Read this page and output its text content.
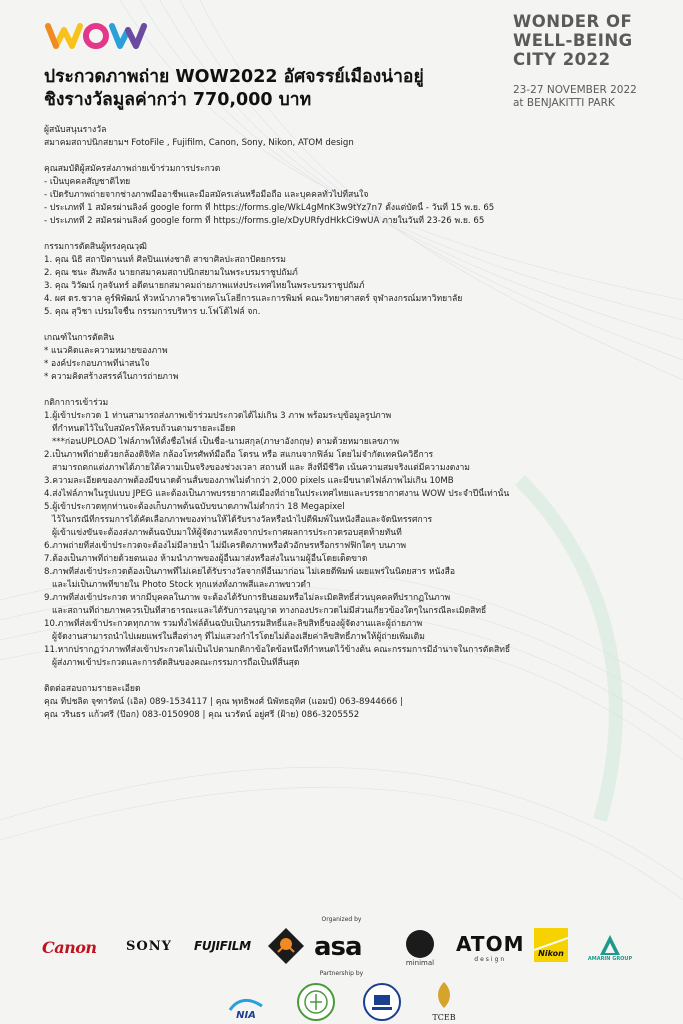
WONDER OF
WELL-BEING
CITY 2022
23-27 NOVEMBER 2022
at BENJAKITTI PARK
ประกวดภาพถ่าย WOW2022 อัศจรรย์เมืองน่าอยู่
ชิงรางวัลมูลค่ากว่า 770,000 บาท
ผู้สนับสนุนรางวัล
สมาคมสถาปนิกสยามฯ FotoFile , Fujifilm, Canon, Sony, Nikon, ATOM design
คุณสมบัติผู้สมัครส่งภาพถ่ายเข้าร่วมการประกวด
- เป็นบุคคลสัญชาติไทย
- เปิดรับภาพถ่ายจากช่างภาพมืออาชีพและมือสมัครเล่นหรือมือถือ และบุคคลทั่วไปที่สนใจ
- ประเภทที่ 1 สมัครผ่านลิงค์ google form ที่ https://forms.gle/WkL4gMnK3w9tYz7n7 ตั้งแต่บัดนี้ - วันที่ 15 พ.ย. 65
- ประเภทที่ 2 สมัครผ่านลิงค์ google form ที่ https://forms.gle/xDyURfydHkkCi9wUA ภายในวันที่ 23-26 พ.ย. 65
กรรมการตัดสินผู้ทรงคุณวุฒิ
1. คุณ นิธิ สถาปิตานนท์ ศิลปินแห่งชาติ สาขาศิลปะสถาปัตยกรรม
2. คุณ ชนะ สัมพลัง นายกสมาคมสถาปนิกสยามในพระบรมราชูปถัมภ์
3. คุณ วิวัฒน์ กุลจันทร์ อดีตนายกสมาคมถ่ายภาพแห่งประเทศไทยในพระบรมราชูปถัมภ์
4. ผศ ดร.ชวาล คูร์พิพัฒน์ หัวหน้าภาควิชาเทคโนโลยีการและการพิมพ์ คณะวิทยาศาสตร์ จุฬาลงกรณ์มหาวิทยาลัย
5. คุณ สุวิชา เปรมใจชื่น กรรมการบริหาร บ.โฟโต้ไฟล์ จก.
เกณฑ์ในการตัดสิน
* แนวคิดและความหมายของภาพ
* องค์ประกอบภาพที่น่าสนใจ
* ความคิดสร้างสรรค์ในการถ่ายภาพ
กติกาการเข้าร่วม
1.ผู้เข้าประกวด 1 ท่านสามารถส่งภาพเข้าร่วมประกวดได้ไม่เกิน 3 ภาพ พร้อมระบุข้อมูลรูปภาพ
ที่กำหนดไว้ในใบสมัครให้ครบถ้วนตามรายละเอียด
***ก่อนUPLOAD ไฟล์ภาพให้ตั้งชื่อไฟล์ เป็นชื่อ-นามสกุล(ภาษาอังกฤษ) ตามด้วยหมายเลขภาพ
2.เป็นภาพที่ถ่ายด้วยกล้องดิจิทัล กล้องโทรศัพท์มือถือ โดรน หรือ สแกนจากฟิล์ม โดยไม่จำกัดเทคนิควิธีการ
สามารถตกแต่งภาพได้ภายใต้ความเป็นจริงของช่วงเวลา สถานที่ และ สิ่งที่มีชีวิต เน้นความสมจริงแต่มีความงดงาม
3.ความละเอียดของภาพต้องมีขนาดด้านสั้นของภาพไม่ต่ำกว่า 2,000 pixels และมีขนาดไฟล์ภาพไม่เกิน 10MB
4.ส่งไฟล์ภาพในรูปแบบ JPEG และต้องเป็นภาพบรรยากาศเมืองที่ถ่ายในประเทศไทยและบรรยากาศงาน WOW ประจำปีนี้เท่านั้น
5.ผู้เข้าประกวดทุกท่านจะต้องเก็บภาพต้นฉบับขนาดภาพไม่ต่ำกว่า 18 Megapixel
ไว้ในกรณีที่กรรมการได้คัดเลือกภาพของท่านให้ได้รับรางวัลหรือนำไปตีพิมพ์ในหนังสือและจัดนิทรรศการ
ผู้เข้าแข่งขันจะต้องส่งภาพต้นฉบับมาให้ผู้จัดงานหลังจากประกาศผลการประกวดรอบสุดท้ายทันที
6.ภาพถ่ายที่ส่งเข้าประกวดจะต้องไม่มีลายน้ำ ไม่มีเครดิตภาพหรือตัวอักษรหรือกราฟฟิกใดๆ บนภาพ
7.ต้องเป็นภาพที่ถ่ายด้วยตนเอง ห้ามนำภาพของผู้อื่นมาส่งหรือส่งในนามผู้อื่นโดยเด็ดขาด
8.ภาพที่ส่งเข้าประกวดต้องเป็นภาพที่ไม่เคยได้รับรางวัลจากที่อื่นมาก่อน ไม่เคยตีพิมพ์ เผยแพร่ในนิตยสาร หนังสือ
และไม่เป็นภาพที่ขายใน Photo Stock ทุกแห่งทั้งภาพสีและภาพขาวดำ
9.ภาพที่ส่งเข้าประกวด หากมีบุคคลในภาพ จะต้องได้รับการยินยอมหรือไม่ละเมิดสิทธิ์ส่วนบุคคลที่ปรากฏในภาพ
และสถานที่ถ่ายภาพควรเป็นที่สาธารณะและได้รับการอนุญาต ทางกองประกวดไม่มีส่วนเกี่ยวข้องใดๆในกรณีละเมิดสิทธิ์
10.ภาพที่ส่งเข้าประกวดทุกภาพ รวมทั้งไฟล์ต้นฉบับเป็นกรรมสิทธิ์และลิขสิทธิ์ของผู้จัดงานและผู้ถ่ายภาพ
ผู้จัดงานสามารถนำไปเผยแพร่ในสื่อต่างๆ ที่ไม่แสวงกำไรโดยไม่ต้องเสียค่าลิขสิทธิ์ภาพให้ผู้ถ่ายเพิ่มเติม
11.หากปรากฏว่าภาพที่ส่งเข้าประกวดไม่เป็นไปตามกติกาข้อใดข้อหนึ่งที่กำหนดไว้ข้างต้น คณะกรรมการมีอำนาจในการตัดสิทธิ์
ผู้ส่งภาพเข้าประกวดและการตัดสินของคณะกรรมการถือเป็นที่สิ้นสุด
ติดต่อสอบถามรายละเอียด
คุณ ทีปชลิต จุฑารัตน์ (เอิล) 089-1534117 | คุณ พุทธิพงศ์ นิพัทธอุทิศ (แอมป์) 063-8944666 |
คุณ วรินธร แก้วศรี (ป๊อก) 083-0150908 | คุณ นวรัตน์ อยู่ศรี (ฝ้าย) 086-3205552
Organized by
Canon SONY FUJIFILM asa
minimal
ATOM
design
Nikon
AMARIN GROUP
Partnership by
NIA	TCEB
